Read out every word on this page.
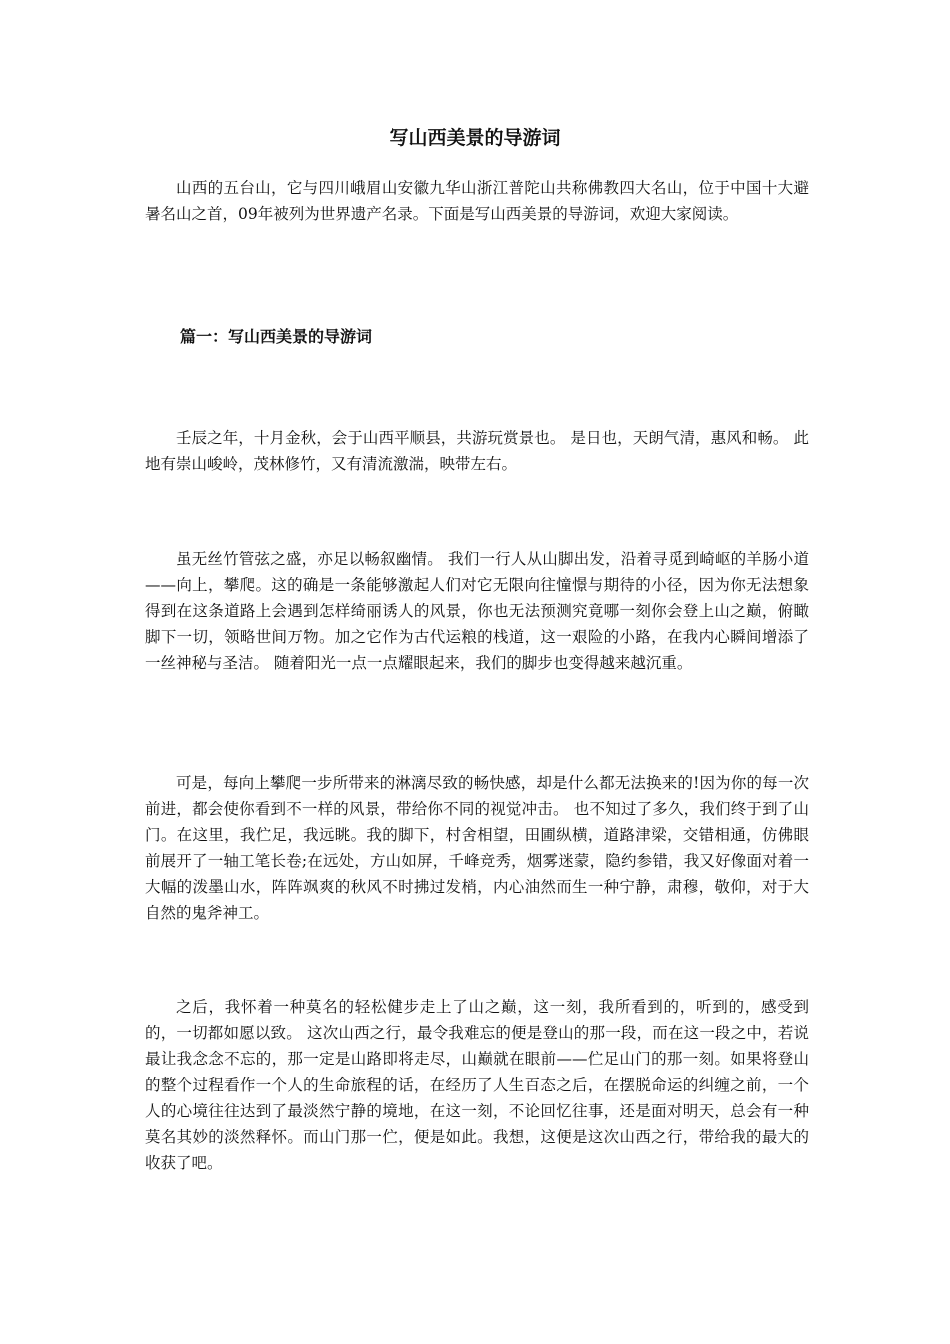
写山西美景的导游词

山西的五台山，它与四川峨眉山安徽九华山浙江普陀山共称佛教四大名山，位于中国十大避暑名山之首，09年被列为世界遗产名录。下面是写山西美景的导游词，欢迎大家阅读。

篇一：写山西美景的导游词

壬辰之年，十月金秋，会于山西平顺县，共游玩赏景也。 是日也，天朗气清，惠风和畅。 此地有崇山峻岭，茂林修竹，又有清流激湍，映带左右。

虽无丝竹管弦之盛，亦足以畅叙幽情。 我们一行人从山脚出发，沿着寻觅到崎岖的羊肠小道——向上，攀爬。这的确是一条能够激起人们对它无限向往憧憬与期待的小径，因为你无法想象得到在这条道路上会遇到怎样绮丽诱人的风景，你也无法预测究竟哪一刻你会登上山之巅，俯瞰脚下一切，领略世间万物。加之它作为古代运粮的栈道，这一艰险的小路，在我内心瞬间增添了一丝神秘与圣洁。 随着阳光一点一点耀眼起来，我们的脚步也变得越来越沉重。

可是，每向上攀爬一步所带来的淋漓尽致的畅快感，却是什么都无法换来的!因为你的每一次前进，都会使你看到不一样的风景，带给你不同的视觉冲击。 也不知过了多久，我们终于到了山门。在这里，我伫足，我远眺。我的脚下，村舍相望，田圃纵横，道路津梁，交错相通，仿佛眼前展开了一轴工笔长卷;在远处，方山如屏，千峰竞秀，烟雾迷蒙，隐约参错，我又好像面对着一大幅的泼墨山水，阵阵飒爽的秋风不时拂过发梢，内心油然而生一种宁静，肃穆，敬仰，对于大自然的鬼斧神工。

之后，我怀着一种莫名的轻松健步走上了山之巅，这一刻，我所看到的，听到的，感受到的，一切都如愿以致。 这次山西之行，最令我难忘的便是登山的那一段，而在这一段之中，若说最让我念念不忘的，那一定是山路即将走尽，山巅就在眼前——伫足山门的那一刻。如果将登山的整个过程看作一个人的生命旅程的话，在经历了人生百态之后，在摆脱命运的纠缠之前，一个人的心境往往达到了最淡然宁静的境地，在这一刻，不论回忆往事，还是面对明天，总会有一种莫名其妙的淡然释怀。而山门那一伫，便是如此。我想，这便是这次山西之行，带给我的最大的收获了吧。
